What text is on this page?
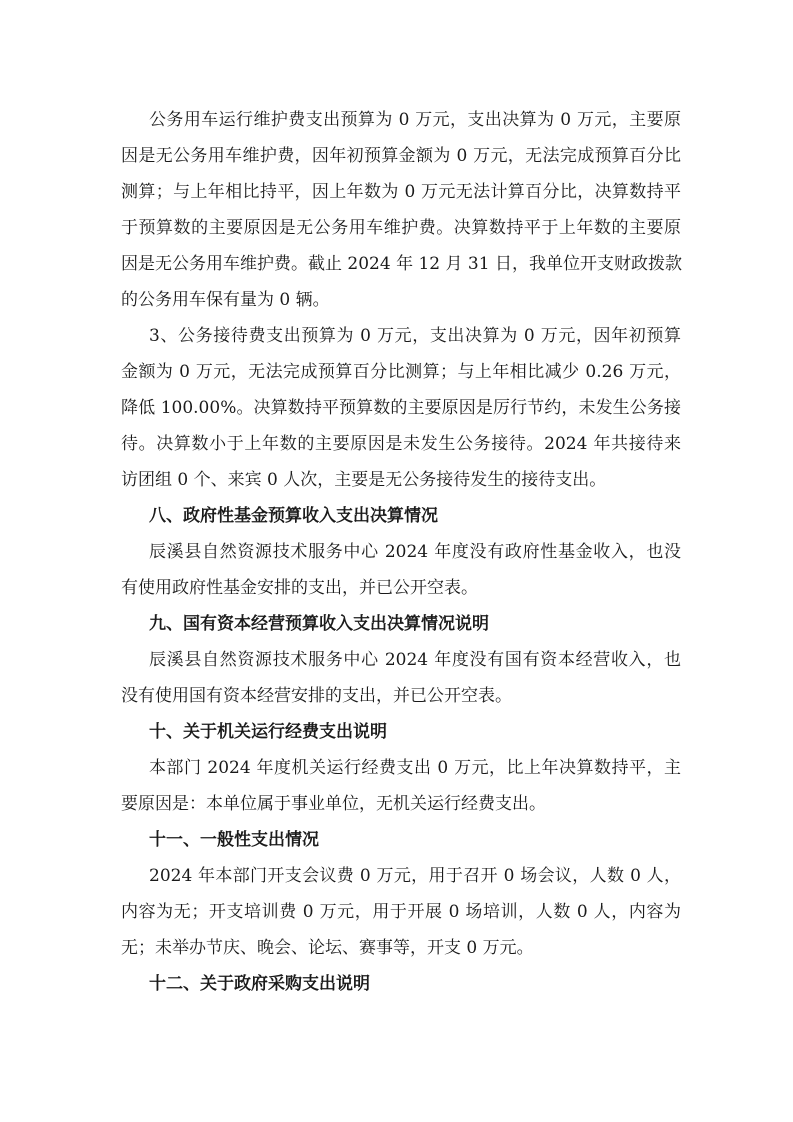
公务用车运行维护费支出预算为 0 万元，支出决算为 0 万元，主要原
因是无公务用车维护费，因年初预算金额为 0 万元，无法完成预算百分比
测算；与上年相比持平，因上年数为 0 万元无法计算百分比，决算数持平
于预算数的主要原因是无公务用车维护费。决算数持平于上年数的主要原
因是无公务用车维护费。截止 2024 年 12 月 31 日，我单位开支财政拨款
的公务用车保有量为 0 辆。
3、公务接待费支出预算为 0 万元，支出决算为 0 万元，因年初预算
金额为 0 万元，无法完成预算百分比测算；与上年相比减少 0.26 万元，
降低 100.00%。决算数持平预算数的主要原因是厉行节约，未发生公务接
待。决算数小于上年数的主要原因是未发生公务接待。2024 年共接待来
访团组 0 个、来宾 0 人次，主要是无公务接待发生的接待支出。
八、政府性基金预算收入支出决算情况
辰溪县自然资源技术服务中心 2024 年度没有政府性基金收入，也没
有使用政府性基金安排的支出，并已公开空表。
九、国有资本经营预算收入支出决算情况说明
辰溪县自然资源技术服务中心 2024 年度没有国有资本经营收入，也
没有使用国有资本经营安排的支出，并已公开空表。
十、关于机关运行经费支出说明
本部门 2024 年度机关运行经费支出 0 万元，比上年决算数持平，主
要原因是：本单位属于事业单位，无机关运行经费支出。
十一、一般性支出情况
2024 年本部门开支会议费 0 万元，用于召开 0 场会议，人数 0 人，
内容为无；开支培训费 0 万元，用于开展 0 场培训，人数 0 人，内容为
无；未举办节庆、晚会、论坛、赛事等，开支 0 万元。
十二、关于政府采购支出说明
